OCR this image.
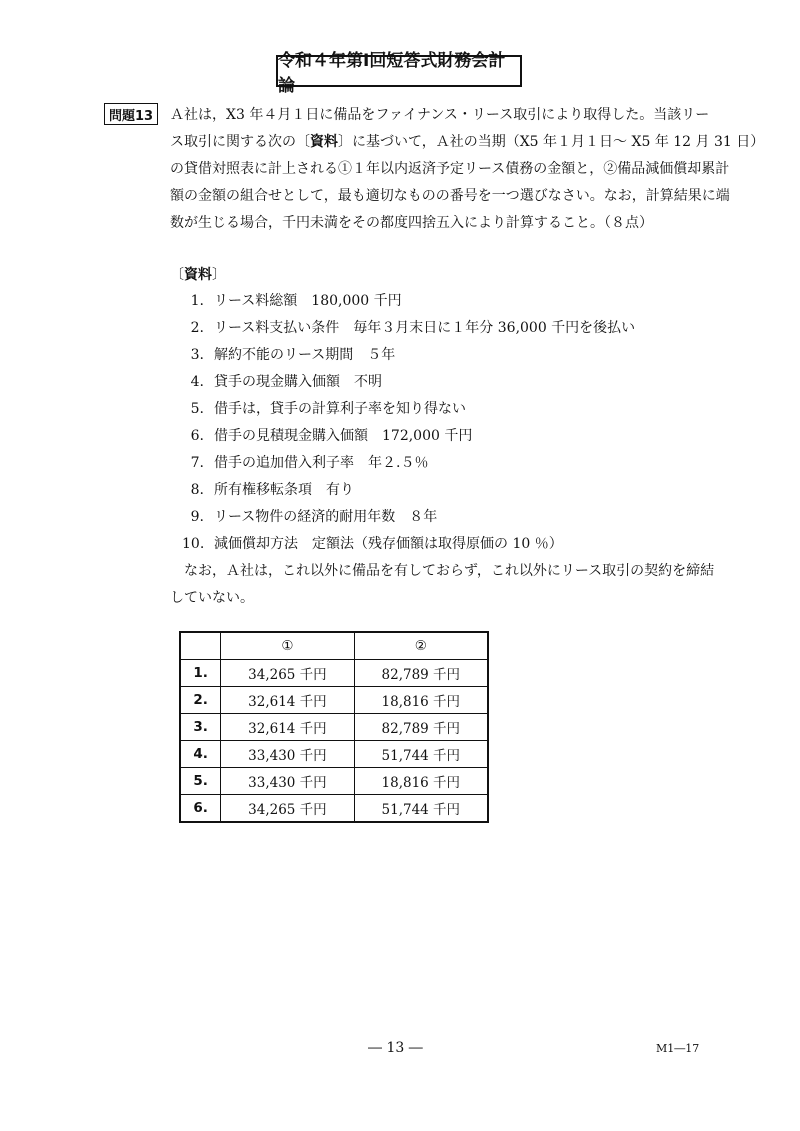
令和４年第Ⅰ回短答式財務会計論
問題13	Ａ社は，X3 年４月１日に備品をファイナンス・リース取引により取得した。当該リー
ス取引に関する次の〔資料〕に基づいて，Ａ社の当期（X5 年１月１日～ X5 年 12 月 31 日）
の貸借対照表に計上される①１年以内返済予定リース債務の金額と，②備品減価償却累計
額の金額の組合せとして，最も適切なものの番号を一つ選びなさい。なお，計算結果に端
数が生じる場合，千円未満をその都度四捨五入により計算すること。（８点）
〔資料〕
1. リース料総額　180,000 千円
2. リース料支払い条件　毎年３月末日に１年分 36,000 千円を後払い
3. 解約不能のリース期間　５年
4. 貸手の現金購入価額　不明
5. 借手は，貸手の計算利子率を知り得ない
6. 借手の見積現金購入価額　172,000 千円
7. 借手の追加借入利子率　年２.５％
8. 所有権移転条項　有り
9. リース物件の経済的耐用年数　８年
10. 減価償却方法　定額法（残存価額は取得原価の 10 ％）
なお，Ａ社は，これ以外に備品を有しておらず，これ以外にリース取引の契約を締結
していない。
	①	②
1.	34,265 千円	82,789 千円
2.	32,614 千円	18,816 千円
3.	32,614 千円	82,789 千円
4.	33,430 千円	51,744 千円
5.	33,430 千円	18,816 千円
6.	34,265 千円	51,744 千円
― 13 ―	M1―17
